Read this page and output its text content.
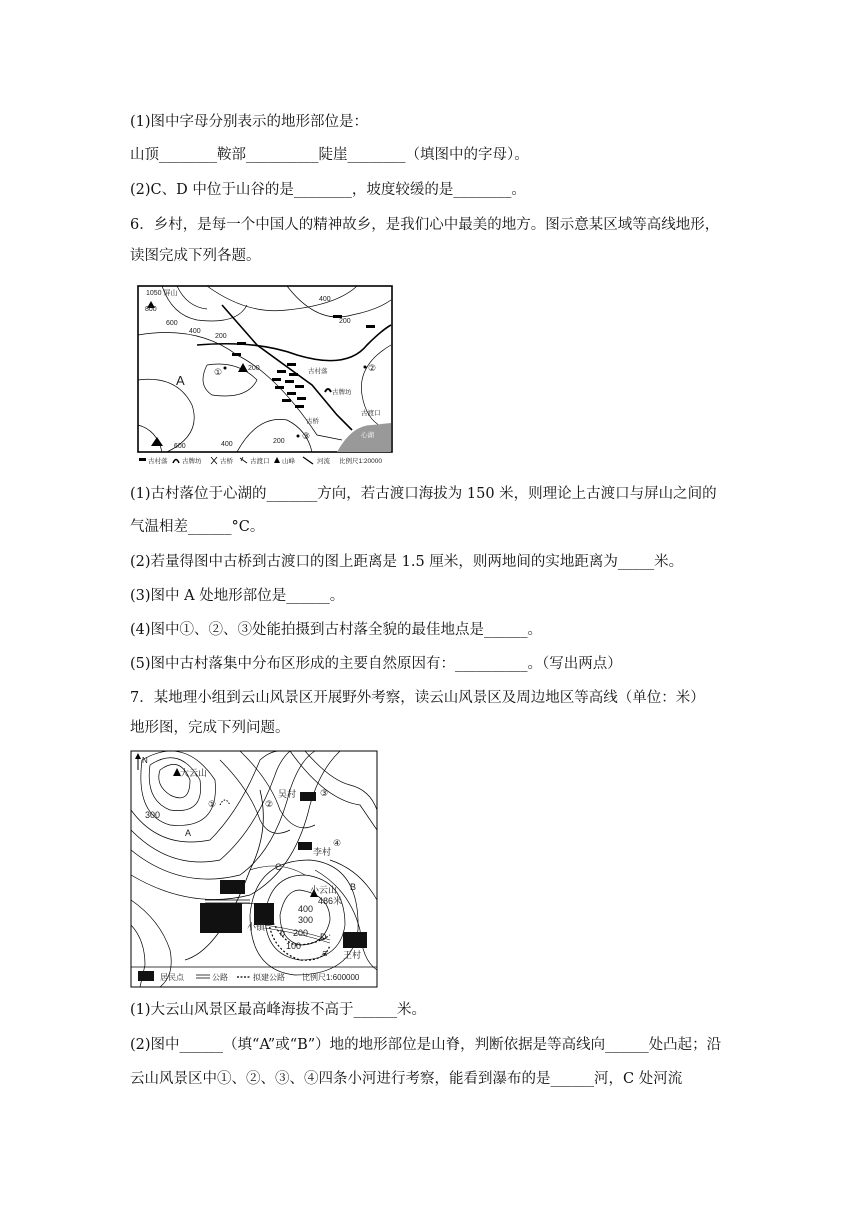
(1)图中字母分别表示的地形部位是：
山顶________鞍部__________陡崖________（填图中的字母）。
(2)C、D 中位于山谷的是________，坡度较缓的是________。
6．乡村，是每一个中国人的精神故乡，是我们心中最美的地方。图示意某区域等高线地形，
读图完成下列各题。
1050 屏山
800
600
400
200
400
200
200
600	400	200
A
①	②
③
古村落
古牌坊
古桥
古渡口
心湖
古村落 古牌坊	古桥	古渡口 山峰	河流 比例尺1:20000
(1)古村落位于心湖的_______方向，若古渡口海拔为 150 米，则理论上古渡口与屏山之间的
气温相差______°C。
(2)若量得图中古桥到古渡口的图上距离是 1.5 厘米，则两地间的实地距离为_____米。
(3)图中 A 处地形部位是______。
(4)图中①、②、③处能拍摄到古村落全貌的最佳地点是______。
(5)图中古村落集中分布区形成的主要自然原因有：__________。（写出两点）
7．某地理小组到云山风景区开展野外考察，读云山风景区及周边地区等高线（单位：米）
地形图，完成下列问题。
N
大云山
小云山
486米
300
400
300
200
100
A
B
C
D
a
b
①	②
③
④
吴村
李村
小镇
王村
居民点	公路	拟建公路 比例尺1:600000
(1)大云山风景区最高峰海拔不高于______米。
(2)图中______（填“A”或“B”）地的地形部位是山脊，判断依据是等高线向______处凸起；沿
云山风景区中①、②、③、④四条小河进行考察，能看到瀑布的是______河，C 处河流
